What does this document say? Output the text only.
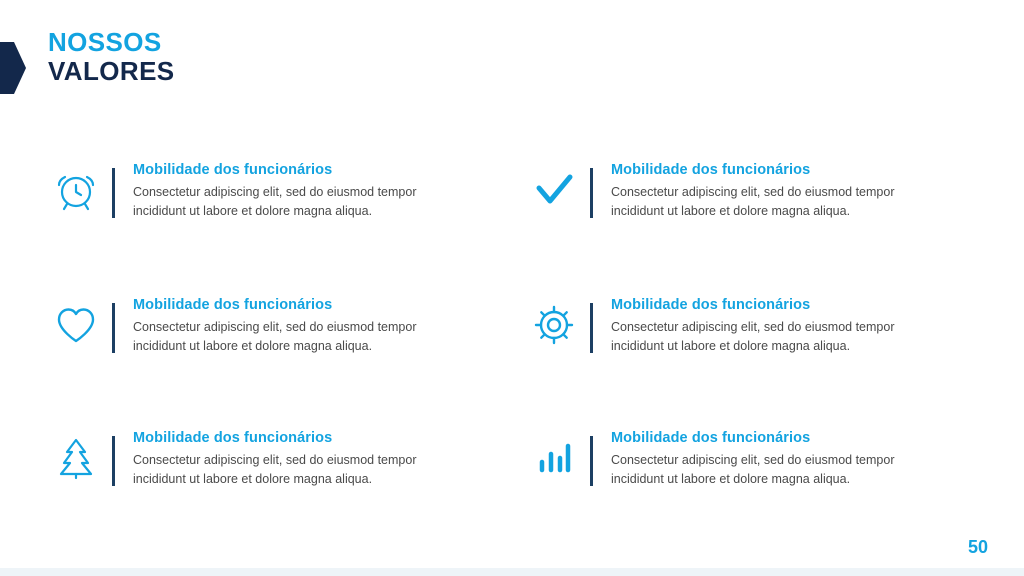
NOSSOS
VALORES
Mobilidade dos funcionários
Consectetur adipiscing elit, sed do eiusmod tempor incididunt ut labore et dolore magna aliqua.
Mobilidade dos funcionários
Consectetur adipiscing elit, sed do eiusmod tempor incididunt ut labore et dolore magna aliqua.
Mobilidade dos funcionários
Consectetur adipiscing elit, sed do eiusmod tempor incididunt ut labore et dolore magna aliqua.
Mobilidade dos funcionários
Consectetur adipiscing elit, sed do eiusmod tempor incididunt ut labore et dolore magna aliqua.
Mobilidade dos funcionários
Consectetur adipiscing elit, sed do eiusmod tempor incididunt ut labore et dolore magna aliqua.
Mobilidade dos funcionários
Consectetur adipiscing elit, sed do eiusmod tempor incididunt ut labore et dolore magna aliqua.
50
